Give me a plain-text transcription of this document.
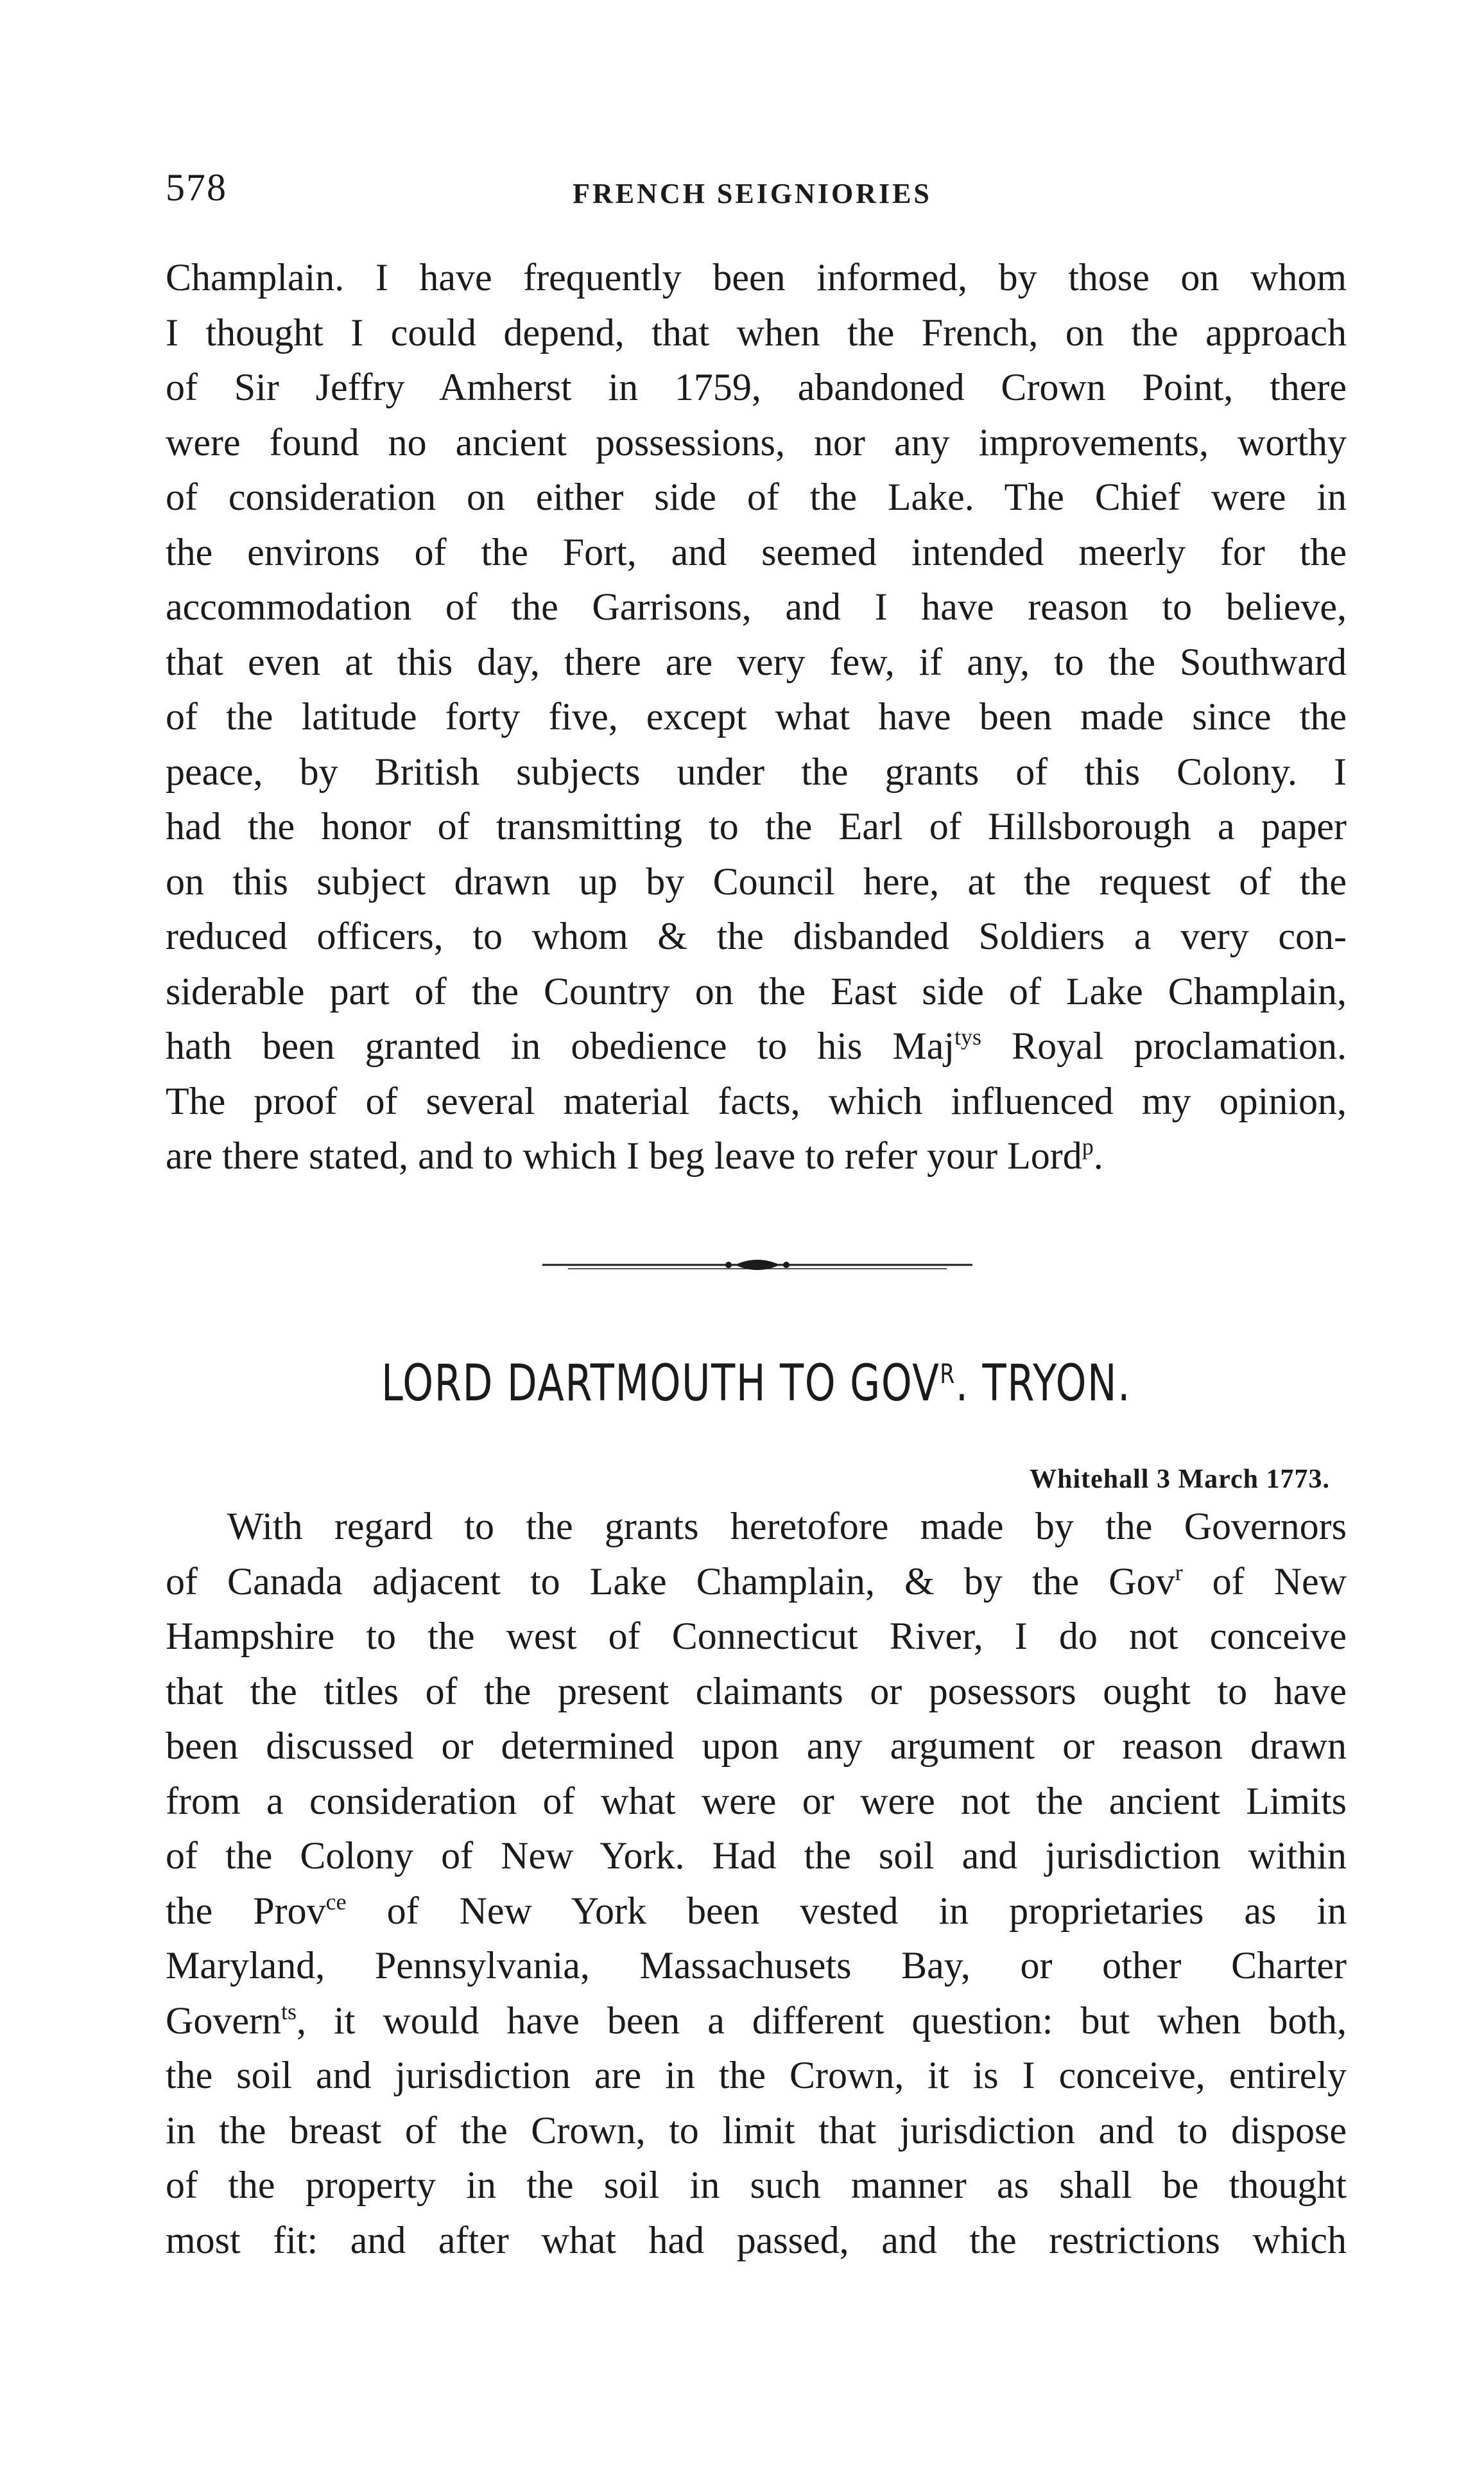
578	FRENCH SEIGNIORIES
Champlain. I have frequently been informed, by those on whom
I thought I could depend, that when the French, on the approach
of Sir Jeffry Amherst in 1759, abandoned Crown Point, there
were found no ancient possessions, nor any improvements, worthy
of consideration on either side of the Lake. The Chief were in
the environs of the Fort, and seemed intended meerly for the
accommodation of the Garrisons, and I have reason to believe,
that even at this day, there are very few, if any, to the Southward
of the latitude forty five, except what have been made since the
peace, by British subjects under the grants of this Colony. I
had the honor of transmitting to the Earl of Hillsborough a paper
on this subject drawn up by Council here, at the request of the
reduced officers, to whom & the disbanded Soldiers a very con-
siderable part of the Country on the East side of Lake Champlain,
hath been granted in obedience to his Maj$^{tys}$ Royal proclamation.
The proof of several material facts, which influenced my opinion,
are there stated, and to which I beg leave to refer your Lord$^p$.
LORD DARTMOUTH TO $GOV^R$. TRYON.
Whitehall 3 March 1773.
With regard to the grants heretofore made by the Governors
of Canada adjacent to Lake Champlain, & by the Gov$^r$ of New
Hampshire to the west of Connecticut River, I do not conceive
that the titles of the present claimants or posessors ought to have
been discussed or determined upon any argument or reason drawn
from a consideration of what were or were not the ancient Limits
of the Colony of New York. Had the soil and jurisdiction within
the Prov$^{ce}$ of New York been vested in proprietaries as in
Maryland, Pennsylvania, Massachusets Bay, or other Charter
Govern$^{ts}$, it would have been a different question: but when both,
the soil and jurisdiction are in the Crown, it is I conceive, entirely
in the breast of the Crown, to limit that jurisdiction and to dispose
of the property in the soil in such manner as shall be thought
most fit: and after what had passed, and the restrictions which
